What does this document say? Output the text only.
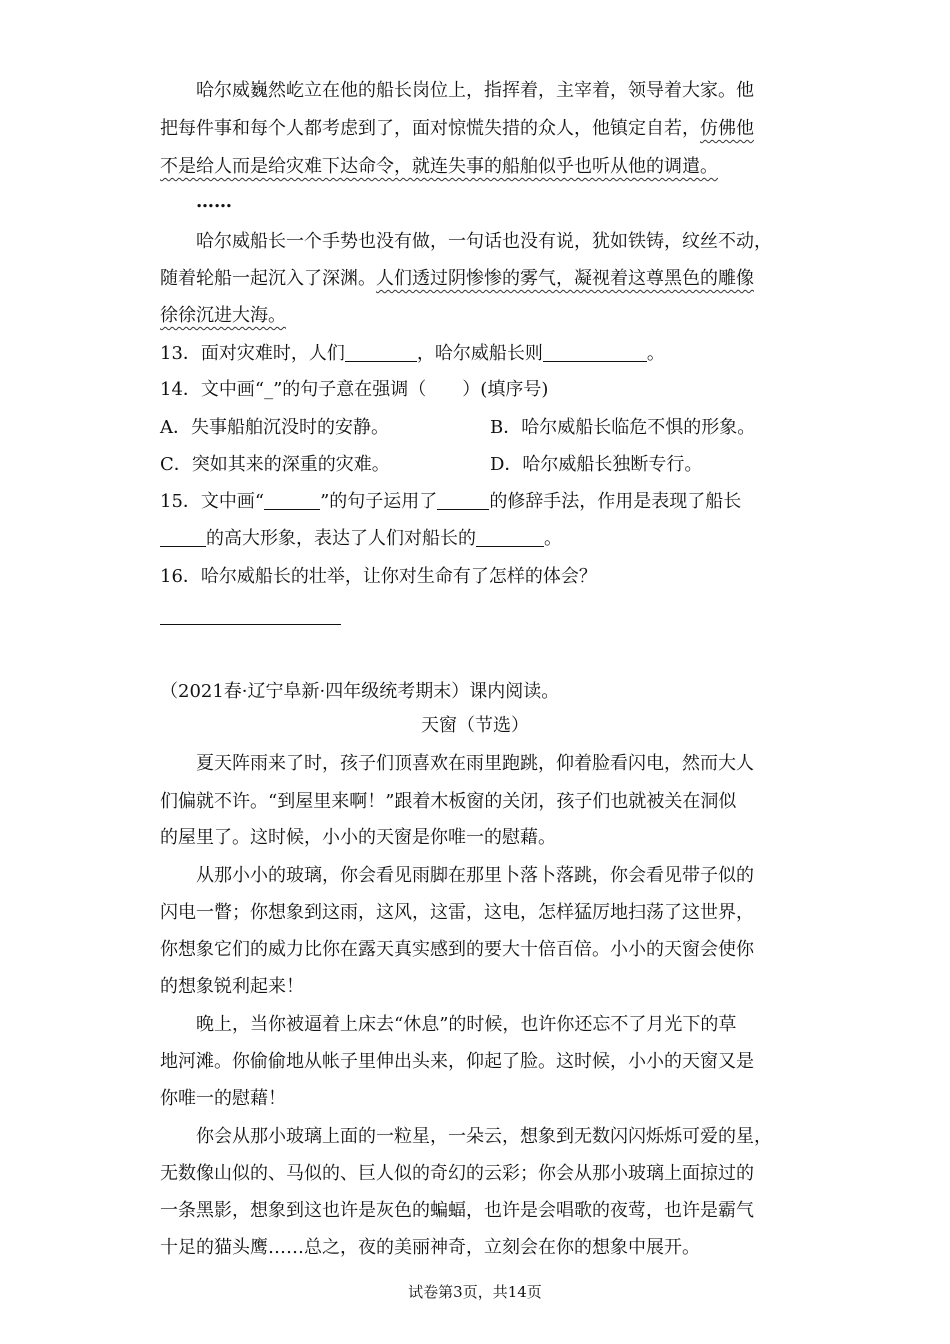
哈尔威巍然屹立在他的船长岗位上，指挥着，主宰着，领导着大家。他
把每件事和每个人都考虑到了，面对惊慌失措的众人，他镇定自若，仿佛他
不是给人而是给灾难下达命令，就连失事的船舶似乎也听从他的调遣。
……
哈尔威船长一个手势也没有做，一句话也没有说，犹如铁铸，纹丝不动，
随着轮船一起沉入了深渊。人们透过阴惨惨的雾气，凝视着这尊黑色的雕像
徐徐沉进大海。
13．面对灾难时，人们	，哈尔威船长则	。
14．文中画“_”的句子意在强调（　　）(填序号)
A．失事船舶沉没时的安静。	B．哈尔威船长临危不惧的形象。
C．突如其来的深重的灾难。	D．哈尔威船长独断专行。
15．文中画“	”的句子运用了	的修辞手法，作用是表现了船长
的高大形象，表达了人们对船长的	。
16．哈尔威船长的壮举，让你对生命有了怎样的体会？
（2021春·辽宁阜新·四年级统考期末）课内阅读。
天窗（节选）
夏天阵雨来了时，孩子们顶喜欢在雨里跑跳，仰着脸看闪电，然而大人
们偏就不许。“到屋里来啊！”跟着木板窗的关闭，孩子们也就被关在洞似
的屋里了。这时候，小小的天窗是你唯一的慰藉。
从那小小的玻璃，你会看见雨脚在那里卜落卜落跳，你会看见带子似的
闪电一瞥；你想象到这雨，这风，这雷，这电，怎样猛厉地扫荡了这世界，
你想象它们的威力比你在露天真实感到的要大十倍百倍。小小的天窗会使你
的想象锐利起来！
晚上，当你被逼着上床去“休息”的时候，也许你还忘不了月光下的草
地河滩。你偷偷地从帐子里伸出头来，仰起了脸。这时候，小小的天窗又是
你唯一的慰藉！
你会从那小玻璃上面的一粒星，一朵云，想象到无数闪闪烁烁可爱的星，
无数像山似的、马似的、巨人似的奇幻的云彩；你会从那小玻璃上面掠过的
一条黑影，想象到这也许是灰色的蝙蝠，也许是会唱歌的夜莺，也许是霸气
十足的猫头鹰……总之，夜的美丽神奇，立刻会在你的想象中展开。
试卷第3页，共14页
